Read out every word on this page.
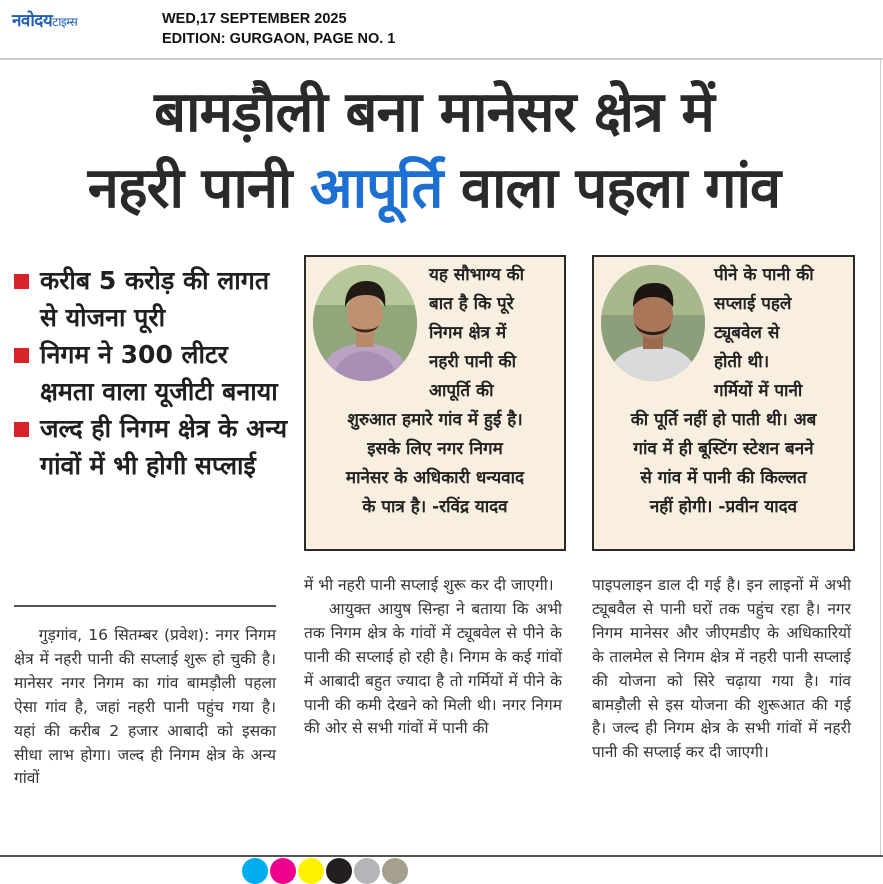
नवोदयटाइम्स	WED,17 SEPTEMBER 2025
EDITION: GURGAON, PAGE NO. 1
बामड़ौली बना मानेसर क्षेत्र में
नहरी पानी आपूर्ति वाला पहला गांव
करीब 5 करोड़ की लागत से योजना पूरी
निगम ने 300 लीटर क्षमता वाला यूजीटी बनाया
जल्द ही निगम क्षेत्र के अन्य गांवों में भी होगी सप्लाई
यह सौभाग्य की
बात है कि पूरे
निगम क्षेत्र में
नहरी पानी की
आपूर्ति की
शुरुआत हमारे गांव में हुई है।
इसके लिए नगर निगम
मानेसर के अधिकारी धन्यवाद
के पात्र है। -रविंद्र यादव
पीने के पानी की
सप्लाई पहले
ट्यूबवेल से
होती थी।
गर्मियों में पानी
की पूर्ति नहीं हो पाती थी। अब
गांव में ही बूस्टिंग स्टेशन बनने
से गांव में पानी की किल्लत
नहीं होगी। -प्रवीन यादव

गुड़गांव, 16 सितम्बर (प्रवेश): नगर निगम क्षेत्र में नहरी पानी की सप्लाई शुरू हो चुकी है। मानेसर नगर निगम का गांव बामड़ौली पहला ऐसा गांव है, जहां नहरी पानी पहुंच गया है। यहां की करीब 2 हजार आबादी को इसका सीधा लाभ होगा। जल्द ही निगम क्षेत्र के अन्य गांवों

में भी नहरी पानी सप्लाई शुरू कर दी जाएगी।

आयुक्त आयुष सिन्हा ने बताया कि अभी तक निगम क्षेत्र के गांवों में ट्यूबवेल से पीने के पानी की सप्लाई हो रही है। निगम के कई गांवों में आबादी बहुत ज्यादा है तो गर्मियों में पीने के पानी की कमी देखने को मिली थी। नगर निगम की ओर से सभी गांवों में पानी की

पाइपलाइन डाल दी गई है। इन लाइनों में अभी ट्यूबवैल से पानी घरों तक पहुंच रहा है। नगर निगम मानेसर और जीएमडीए के अधिकारियों के तालमेल से निगम क्षेत्र में नहरी पानी सप्लाई की योजना को सिरे चढ़ाया गया है। गांव बामड़ौली से इस योजना की शुरूआत की गई है। जल्द ही निगम क्षेत्र के सभी गांवों में नहरी पानी की सप्लाई कर दी जाएगी।
